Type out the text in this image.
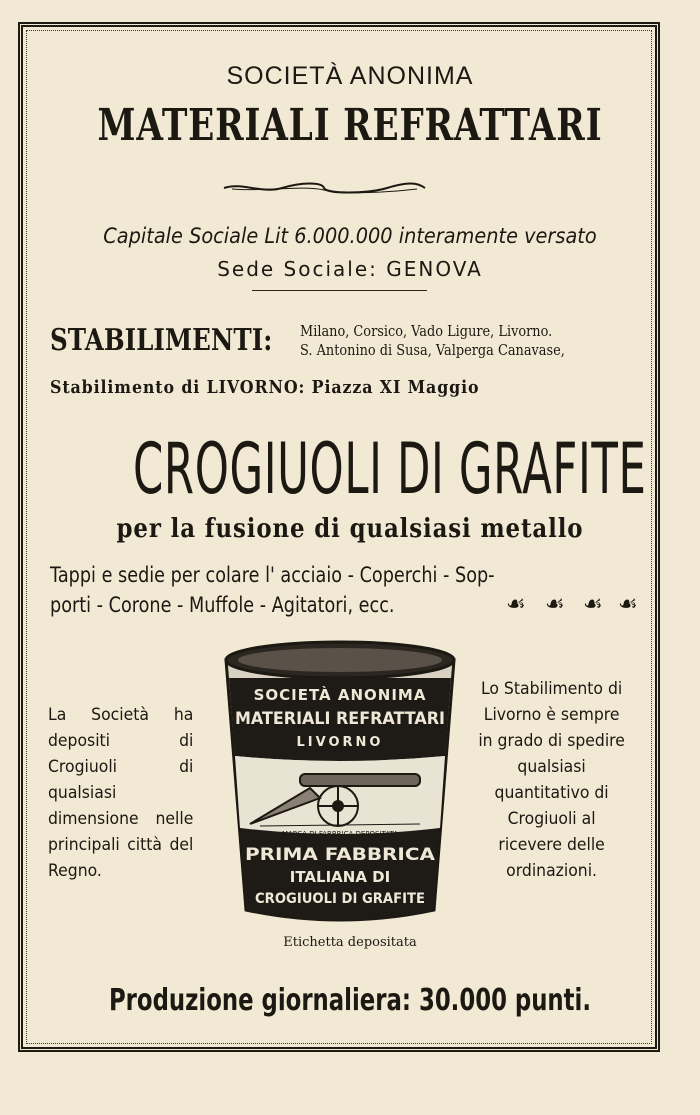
SOCIETÀ ANONIMA
MATERIALI REFRATTARI
Capitale Sociale Lit 6.000.000 interamente versato
Sede Sociale: GENOVA
STABILIMENTI: Milano, Corsico, Vado Ligure, Livorno.
S. Antonino di Susa, Valperga Canavase,
Stabilimento di LIVORNO: Piazza XI Maggio
CROGIUOLI DI GRAFITE
per la fusione di qualsiasi metallo
Tappi e sedie per colare l' acciaio - Coperchi - Sop-
porti - Corone - Muffole - Agitatori, ecc.	☙ ☙ ☙ ☙
La Società ha depositi di Crogiuoli di qualsiasi dimensione nelle principali città del Regno.
Lo Stabilimento di Livorno è sempre in grado di spedire qualsiasi quantitativo di Crogiuoli al ricevere delle ordinazioni.
SOCIETÀ ANONIMA
MATERIALI REFRATTARI
LIVORNO
MARCA DI FABBRICA DEPOSITATA
PRIMA FABBRICA
ITALIANA DI
CROGIUOLI DI GRAFITE
Etichetta depositata
Produzione giornaliera: 30.000 punti.
